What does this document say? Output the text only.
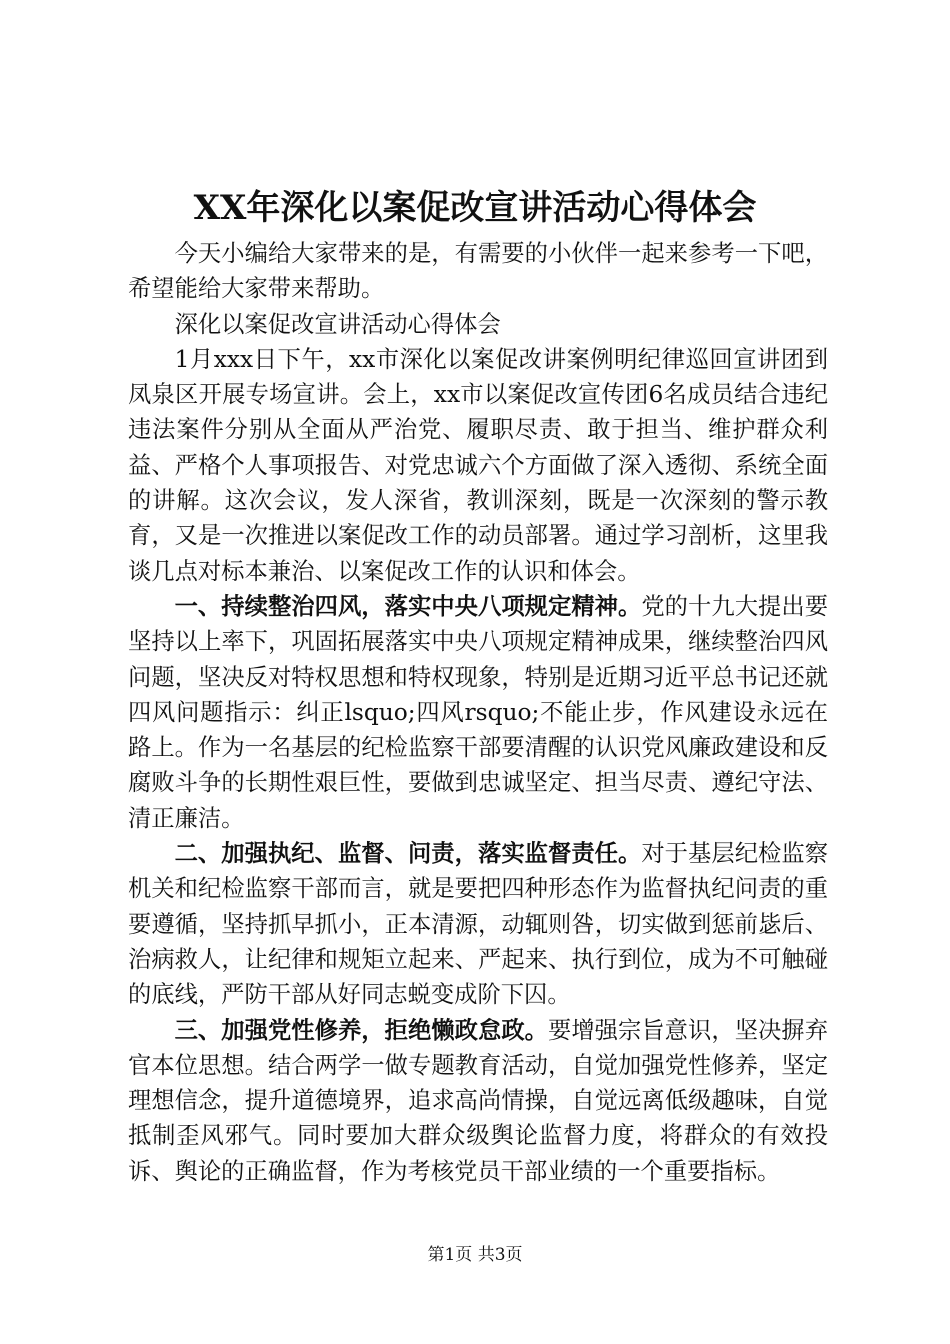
XX年深化以案促改宣讲活动心得体会

今天小编给大家带来的是，有需要的小伙伴一起来参考一下吧，希望能给大家带来帮助。

深化以案促改宣讲活动心得体会

1月xxx日下午，xx市深化以案促改讲案例明纪律巡回宣讲团到凤泉区开展专场宣讲。会上，xx市以案促改宣传团6名成员结合违纪违法案件分别从全面从严治党、履职尽责、敢于担当、维护群众利益、严格个人事项报告、对党忠诚六个方面做了深入透彻、系统全面的讲解。这次会议，发人深省，教训深刻，既是一次深刻的警示教育，又是一次推进以案促改工作的动员部署。通过学习剖析，这里我谈几点对标本兼治、以案促改工作的认识和体会。

一、持续整治四风，落实中央八项规定精神。党的十九大提出要坚持以上率下，巩固拓展落实中央八项规定精神成果，继续整治四风问题，坚决反对特权思想和特权现象，特别是近期习近平总书记还就四风问题指示：纠正lsquo;四风rsquo;不能止步，作风建设永远在路上。作为一名基层的纪检监察干部要清醒的认识党风廉政建设和反腐败斗争的长期性艰巨性，要做到忠诚坚定、担当尽责、遵纪守法、清正廉洁。

二、加强执纪、监督、问责，落实监督责任。对于基层纪检监察机关和纪检监察干部而言，就是要把四种形态作为监督执纪问责的重要遵循，坚持抓早抓小，正本清源，动辄则咎，切实做到惩前毖后、治病救人，让纪律和规矩立起来、严起来、执行到位，成为不可触碰的底线，严防干部从好同志蜕变成阶下囚。

三、加强党性修养，拒绝懒政怠政。要增强宗旨意识，坚决摒弃官本位思想。结合两学一做专题教育活动，自觉加强党性修养，坚定理想信念，提升道德境界，追求高尚情操，自觉远离低级趣味，自觉抵制歪风邪气。同时要加大群众级舆论监督力度，将群众的有效投诉、舆论的正确监督，作为考核党员干部业绩的一个重要指标。

第1页 共3页
